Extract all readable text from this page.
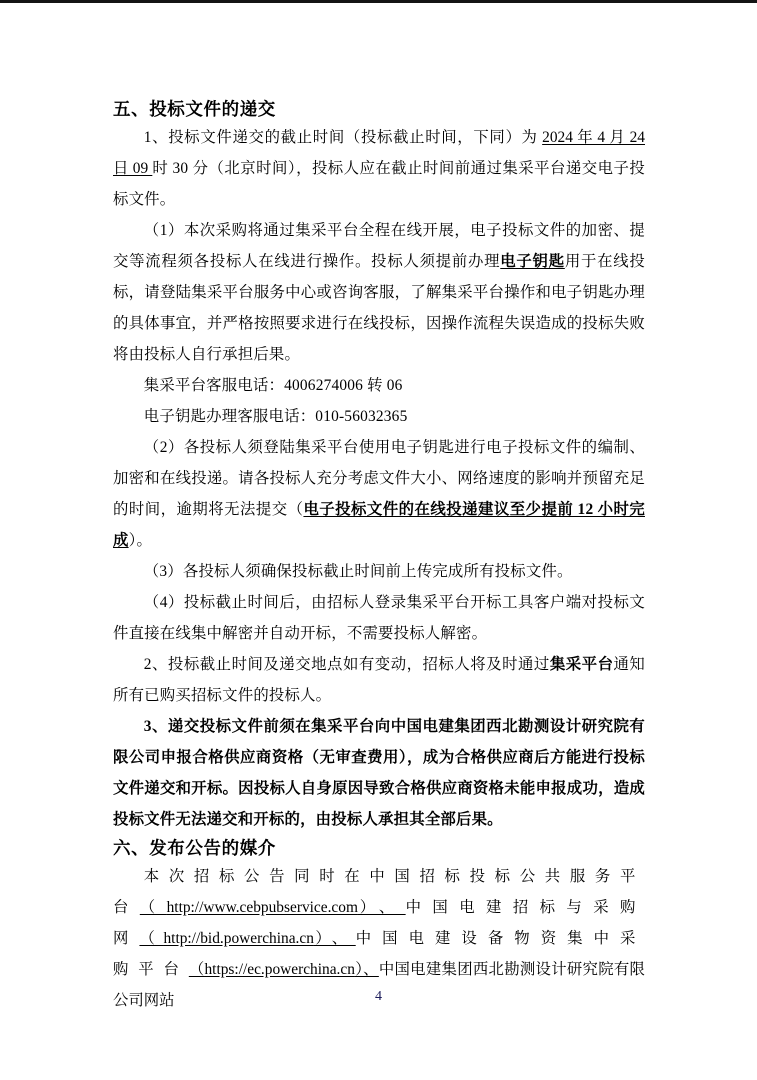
五、投标文件的递交

1、投标文件递交的截止时间（投标截止时间，下同）为 2024 年 4 月 24 日 09 时 30 分（北京时间），投标人应在截止时间前通过集采平台递交电子投标文件。

（1）本次采购将通过集采平台全程在线开展，电子投标文件的加密、提交等流程须各投标人在线进行操作。投标人须提前办理电子钥匙用于在线投标，请登陆集采平台服务中心或咨询客服，了解集采平台操作和电子钥匙办理的具体事宜，并严格按照要求进行在线投标，因操作流程失误造成的投标失败将由投标人自行承担后果。

集采平台客服电话：4006274006 转 06

电子钥匙办理客服电话：010-56032365

（2）各投标人须登陆集采平台使用电子钥匙进行电子投标文件的编制、加密和在线投递。请各投标人充分考虑文件大小、网络速度的影响并预留充足的时间，逾期将无法提交（电子投标文件的在线投递建议至少提前 12 小时完成）。

（3）各投标人须确保投标截止时间前上传完成所有投标文件。

（4）投标截止时间后，由招标人登录集采平台开标工具客户端对投标文件直接在线集中解密并自动开标，不需要投标人解密。

2、投标截止时间及递交地点如有变动，招标人将及时通过集采平台通知所有已购买招标文件的投标人。

3、递交投标文件前须在集采平台向中国电建集团西北勘测设计研究院有限公司申报合格供应商资格（无审查费用），成为合格供应商后方能进行投标文件递交和开标。因投标人自身原因导致合格供应商资格未能申报成功，造成投标文件无法递交和开标的，由投标人承担其全部后果。

六、发布公告的媒介

本次招标公告同时在中国招标投标公共服务平台（http://www.cebpubservice.com）、中国电建招标与采购网（http://bid.powerchina.cn）、中国电建设备物资集中采购平台（https://ec.powerchina.cn）、中国电建集团西北勘测设计研究院有限公司网站	4
